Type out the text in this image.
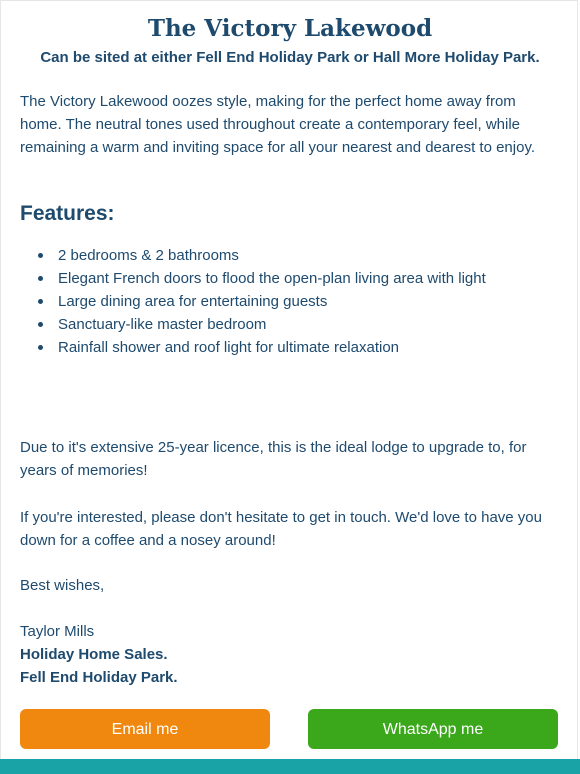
The Victory Lakewood
Can be sited at either Fell End Holiday Park or Hall More Holiday Park.

The Victory Lakewood oozes style, making for the perfect home away from home. The neutral tones used throughout create a contemporary feel, while remaining a warm and inviting space for all your nearest and dearest to enjoy.

Features:
2 bedrooms & 2 bathrooms
Elegant French doors to flood the open-plan living area with light
Large dining area for entertaining guests
Sanctuary-like master bedroom
Rainfall shower and roof light for ultimate relaxation

Due to it's extensive 25-year licence, this is the ideal lodge to upgrade to, for years of memories!

If you're interested, please don't hesitate to get in touch. We'd love to have you down for a coffee and a nosey around!

Best wishes,

Taylor Mills
Holiday Home Sales.
Fell End Holiday Park.
Email me	WhatsApp me
